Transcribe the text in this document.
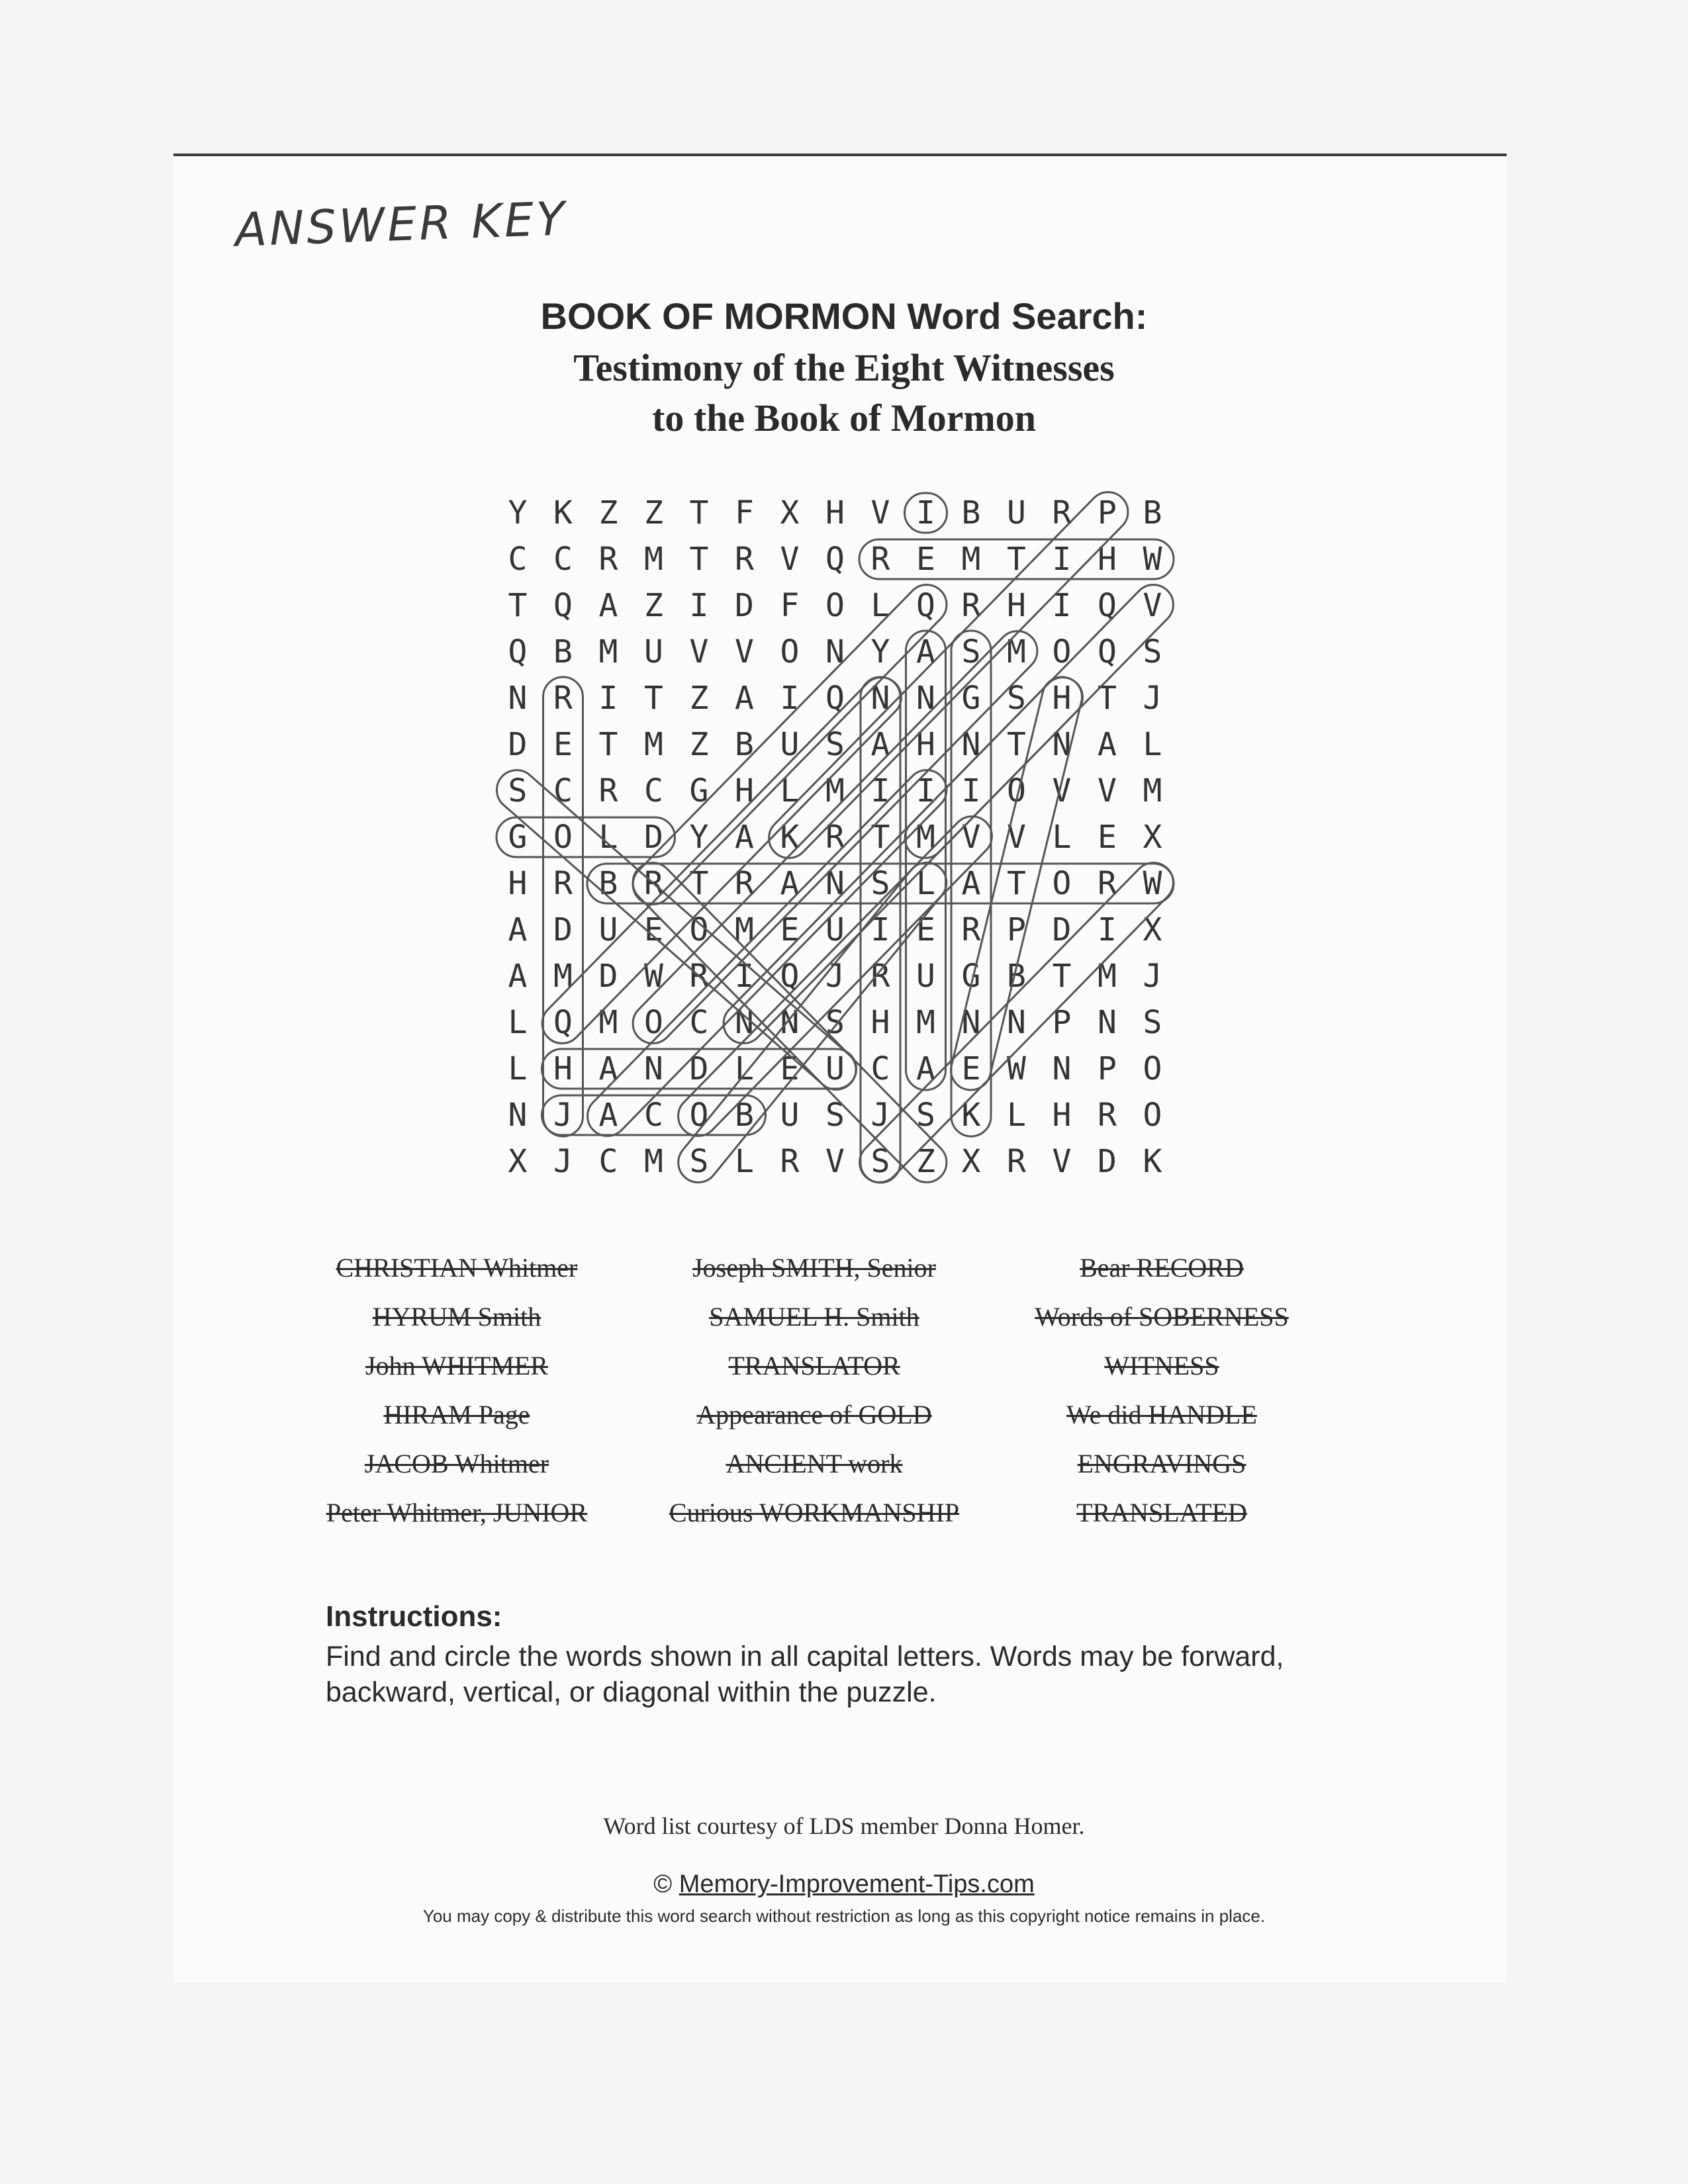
ANSWER KEY
BOOK OF MORMON Word Search:
Testimony of the Eight Witnesses
to the Book of Mormon
Y K Z Z T F X H V I B U R P B
C C R M T R V Q R E M T I H W
T Q A Z I D F O L Q R H I Q V
Q B M U V V O N Y A S M O Q S
N R I T Z A I Q N N G S H T J
D E T M Z B U S A H N T N A L
S C R C G H L M I I I O V V M
G O L D Y A K R T M V V L E X
H R B R T R A N S L A T O R W
A D U E O M E U I E R P D I X
A M D W R I Q J R U G B T M J
L Q M O C N N S H M N N P N S
L H A N D L E U C A E W N P O
N J A C O B U S J S K L H R O
X J C M S L R V S Z X R V D K
CHRISTIAN Whitmer	Joseph SMITH, Senior	Bear RECORD
HYRUM Smith	SAMUEL H. Smith	Words of SOBERNESS
John WHITMER	TRANSLATOR	WITNESS
HIRAM Page	Appearance of GOLD	We did HANDLE
JACOB Whitmer	ANCIENT work	ENGRAVINGS
Peter Whitmer, JUNIOR	Curious WORKMANSHIP	TRANSLATED
Instructions:
Find and circle the words shown in all capital letters. Words may be forward, backward, vertical, or diagonal within the puzzle.
Word list courtesy of LDS member Donna Homer.
© Memory-Improvement-Tips.com
You may copy & distribute this word search without restriction as long as this copyright notice remains in place.
